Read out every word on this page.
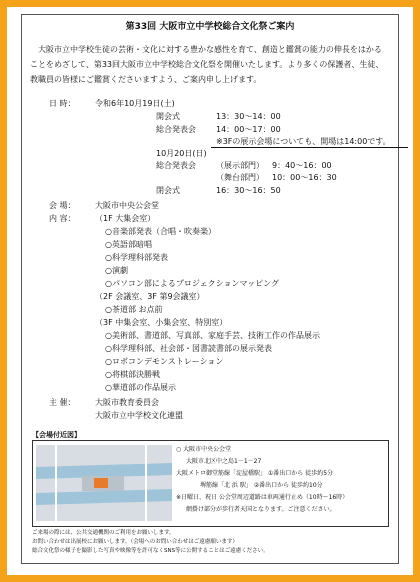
第33回 大阪市立中学校総合文化祭ご案内
大阪市立中学校生徒の芸術・文化に対する豊かな感性を育て、創造と鑑賞の能力の伸長をはかることをめざして、第33回大阪市立中学校総合文化祭を開催いたします。より多くの保護者、生徒、教職員の皆様にご鑑賞くださいますよう、ご案内申し上げます。
日 時： 令和6年10月19日(土)
開会式	13：30～14：00
総合発表会	14：00～17：00
※3Fの展示会場についても、開場は14:00です。
10月20日(日)
総合発表会	（展示部門） 9：40～16：00
（舞台部門） 10：00～16：30
閉会式	16：30～16：50
会 場： 大阪市中央公会堂
内 容： （1F 大集会室）
○音楽部発表（合唱・吹奏楽）
○英語部暗唱
○科学理科部発表
○演劇
○パソコン部によるプロジェクションマッピング
（2F 会議室、3F 第9会議室）
○茶道部 お点前
（3F 中集会室、小集会室、特別室）
○美術部、書道部、写真部、家庭手芸、技術工作の作品展示
○科学理科部、社会部・図書読書部の展示発表
○ロボコンデモンストレーション
○将棋部決勝戦
○華道部の作品展示
主 催： 大阪市教育委員会
大阪市立中学校文化連盟
【会場付近図】
○ 大阪市中央公会堂
大阪市北区中之島1－1－27
大阪メトロ御堂筋線「淀屋橋駅」 ①番出口から 徒歩約5分
堺筋線「北 浜 駅」 ②番出口から 徒歩約10分
※日曜日、祝日 公会堂周辺道路は車両通行止め（10時～16時）
網掛け部分が歩行者天国となります。ご注意ください。
ご来場の際には、公共交通機関のご利用をお願いします。
お問い合わせは出展校にお願いします。（会場へのお問い合わせはご遠慮願います）
総合文化祭の様子を撮影した写真や映像等を許可なくSNS等に公開することはご遠慮ください。
